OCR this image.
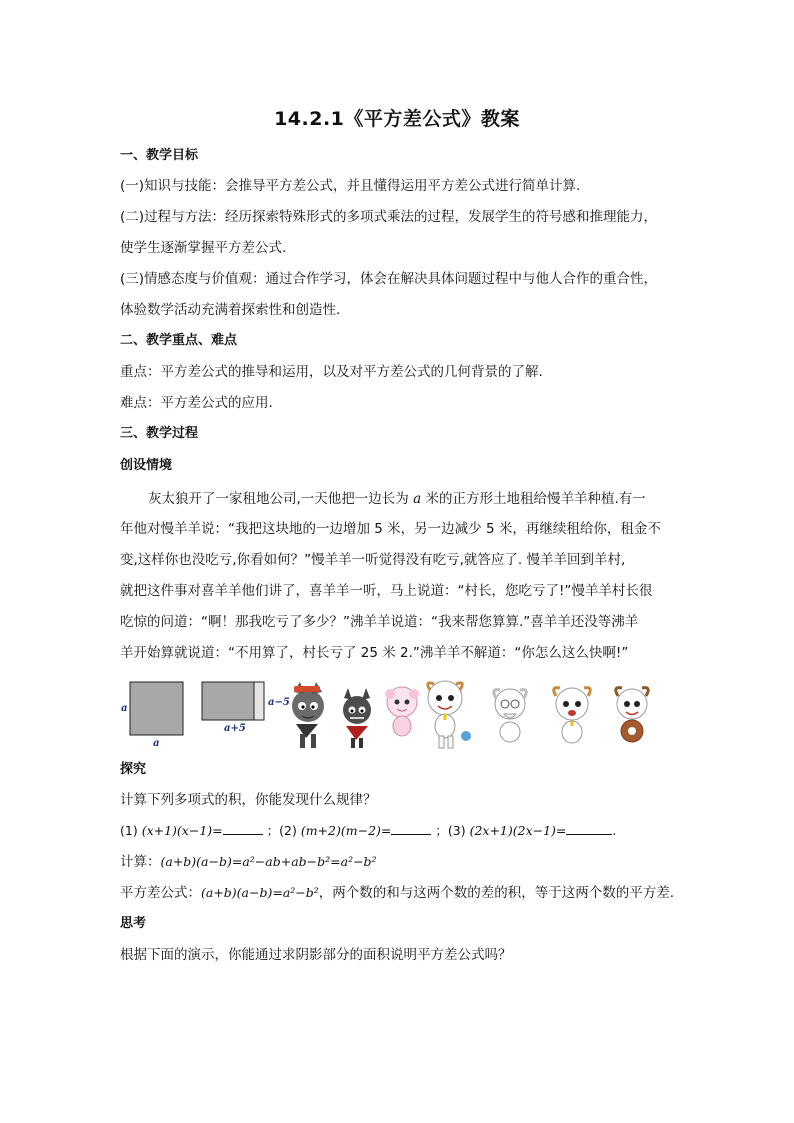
14.2.1《平方差公式》教案
一、教学目标
(一)知识与技能：会推导平方差公式，并且懂得运用平方差公式进行简单计算.
(二)过程与方法：经历探索特殊形式的多项式乘法的过程，发展学生的符号感和推理能力，
使学生逐渐掌握平方差公式.
(三)情感态度与价值观：通过合作学习，体会在解决具体问题过程中与他人合作的重合性，
体验数学活动充满着探索性和创造性.
二、教学重点、难点
重点：平方差公式的推导和运用，以及对平方差公式的几何背景的了解.
难点：平方差公式的应用.
三、教学过程
创设情境
灰太狼开了一家租地公司,一天他把一边长为 a 米的正方形土地租给慢羊羊种植.有一
年他对慢羊羊说：“我把这块地的一边增加 5 米，另一边减少 5 米，再继续租给你，租金不
变,这样你也没吃亏,你看如何？”慢羊羊一听觉得没有吃亏,就答应了. 慢羊羊回到羊村,
就把这件事对喜羊羊他们讲了，喜羊羊一听，马上说道：“村长，您吃亏了!”慢羊羊村长很
吃惊的问道：“啊！那我吃亏了多少？”沸羊羊说道：“我来帮您算算.”喜羊羊还没等沸羊
羊开始算就说道：“不用算了，村长亏了 25 米 2.”沸羊羊不解道：“你怎么这么快啊!”
a
a
a−5
a+5
探究
计算下列多项式的积，你能发现什么规律？
(1) (x+1)(x−1)=	；(2) (m+2)(m−2)=	；(3) (2x+1)(2x−1)=	.
计算：(a+b)(a−b)=a²−ab+ab−b²=a²−b²
平方差公式：(a+b)(a−b)=a²−b²，两个数的和与这两个数的差的积，等于这两个数的平方差.
思考
根据下面的演示，你能通过求阴影部分的面积说明平方差公式吗？
